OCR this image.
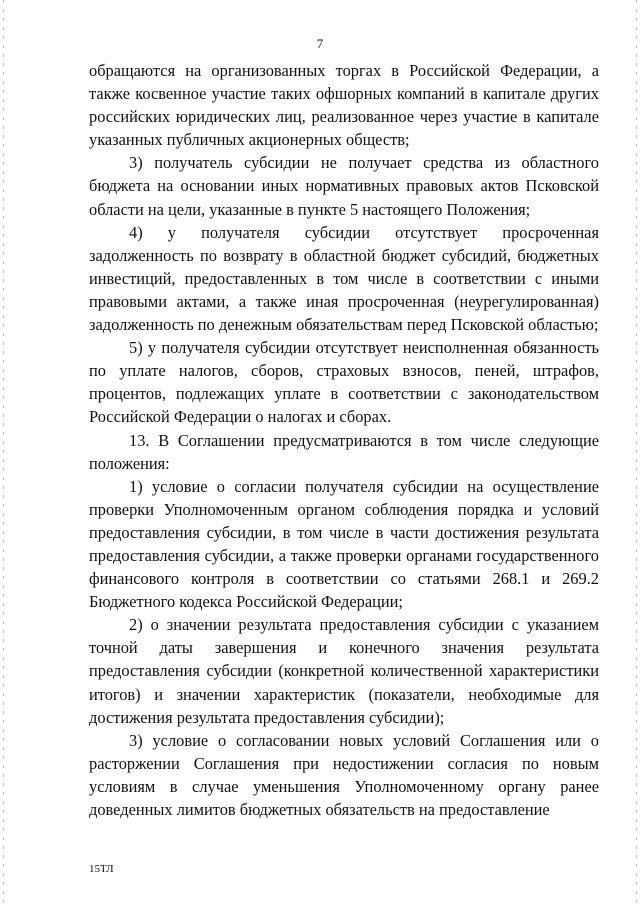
7

обращаются на организованных торгах в Российской Федерации, а также косвенное участие таких офшорных компаний в капитале других российских юридических лиц, реализованное через участие в капитале указанных публичных акционерных обществ;

3) получатель субсидии не получает средства из областного бюджета на основании иных нормативных правовых актов Псковской области на цели, указанные в пункте 5 настоящего Положения;

4) у получателя субсидии отсутствует просроченная задолженность по возврату в областной бюджет субсидий, бюджетных инвестиций, предоставленных в том числе в соответствии с иными правовыми актами, а также иная просроченная (неурегулированная) задолженность по денежным обязательствам перед Псковской областью;

5) у получателя субсидии отсутствует неисполненная обязанность по уплате налогов, сборов, страховых взносов, пеней, штрафов, процентов, подлежащих уплате в соответствии с законодательством Российской Федерации о налогах и сборах.

13. В Соглашении предусматриваются в том числе следующие положения:

1) условие о согласии получателя субсидии на осуществление проверки Уполномоченным органом соблюдения порядка и условий предоставления субсидии, в том числе в части достижения результата предоставления субсидии, а также проверки органами государственного финансового контроля в соответствии со статьями 268.1 и 269.2 Бюджетного кодекса Российской Федерации;

2) о значении результата предоставления субсидии с указанием точной даты завершения и конечного значения результата предоставления субсидии (конкретной количественной характеристики итогов) и значении характеристик (показатели, необходимые для достижения результата предоставления субсидии);

3) условие о согласовании новых условий Соглашения или о расторжении Соглашения при недостижении согласия по новым условиям в случае уменьшения Уполномоченному органу ранее доведенных лимитов бюджетных обязательств на предоставление

15ТЛ
